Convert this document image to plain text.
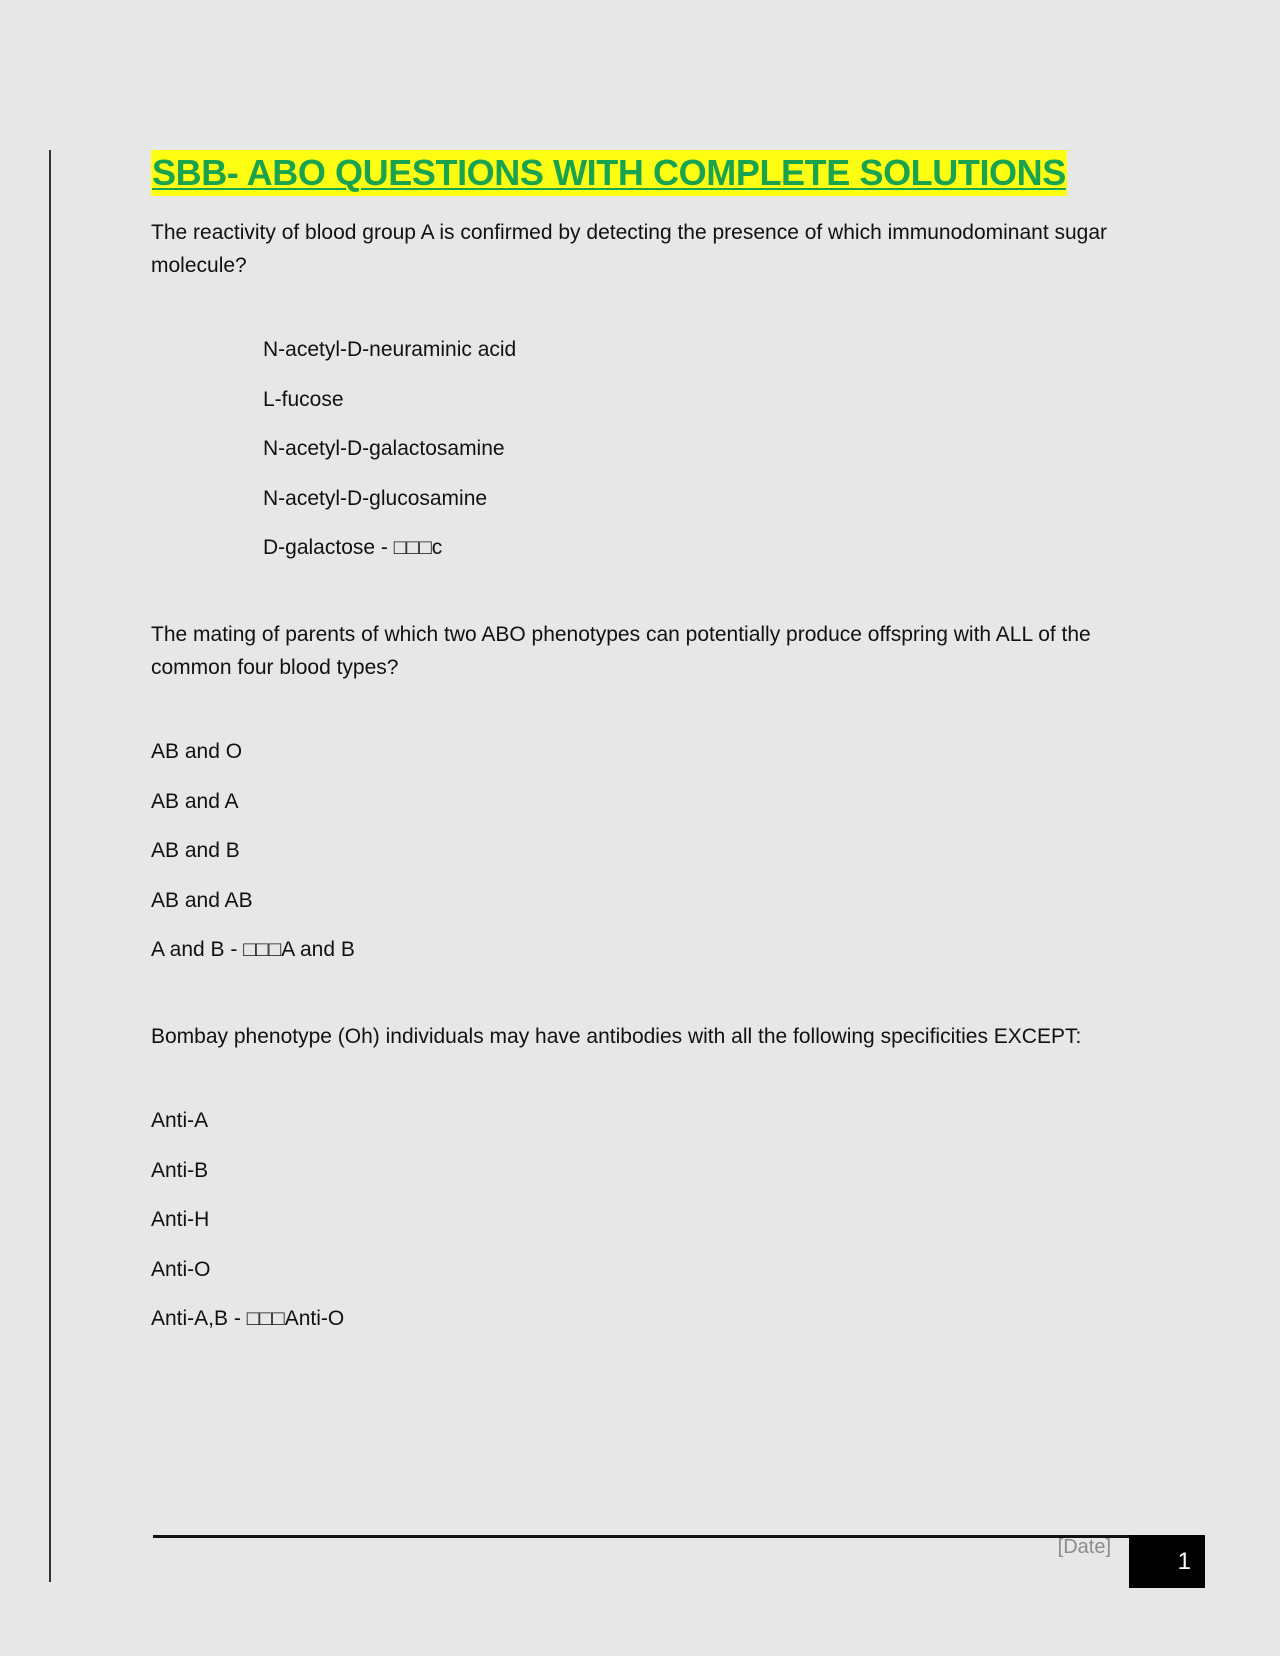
SBB- ABO QUESTIONS WITH COMPLETE SOLUTIONS

The reactivity of blood group A is confirmed by detecting the presence of which immunodominant sugar molecule?

N-acetyl-D-neuraminic acid
L-fucose
N-acetyl-D-galactosamine
N-acetyl-D-glucosamine
D-galactose - □□□c

The mating of parents of which two ABO phenotypes can potentially produce offspring with ALL of the common four blood types?

AB and O
AB and A
AB and B
AB and AB
A and B - □□□A and B

Bombay phenotype (Oh) individuals may have antibodies with all the following specificities EXCEPT:

Anti-A
Anti-B
Anti-H
Anti-O
Anti-A,B - □□□Anti-O
[Date]
1
